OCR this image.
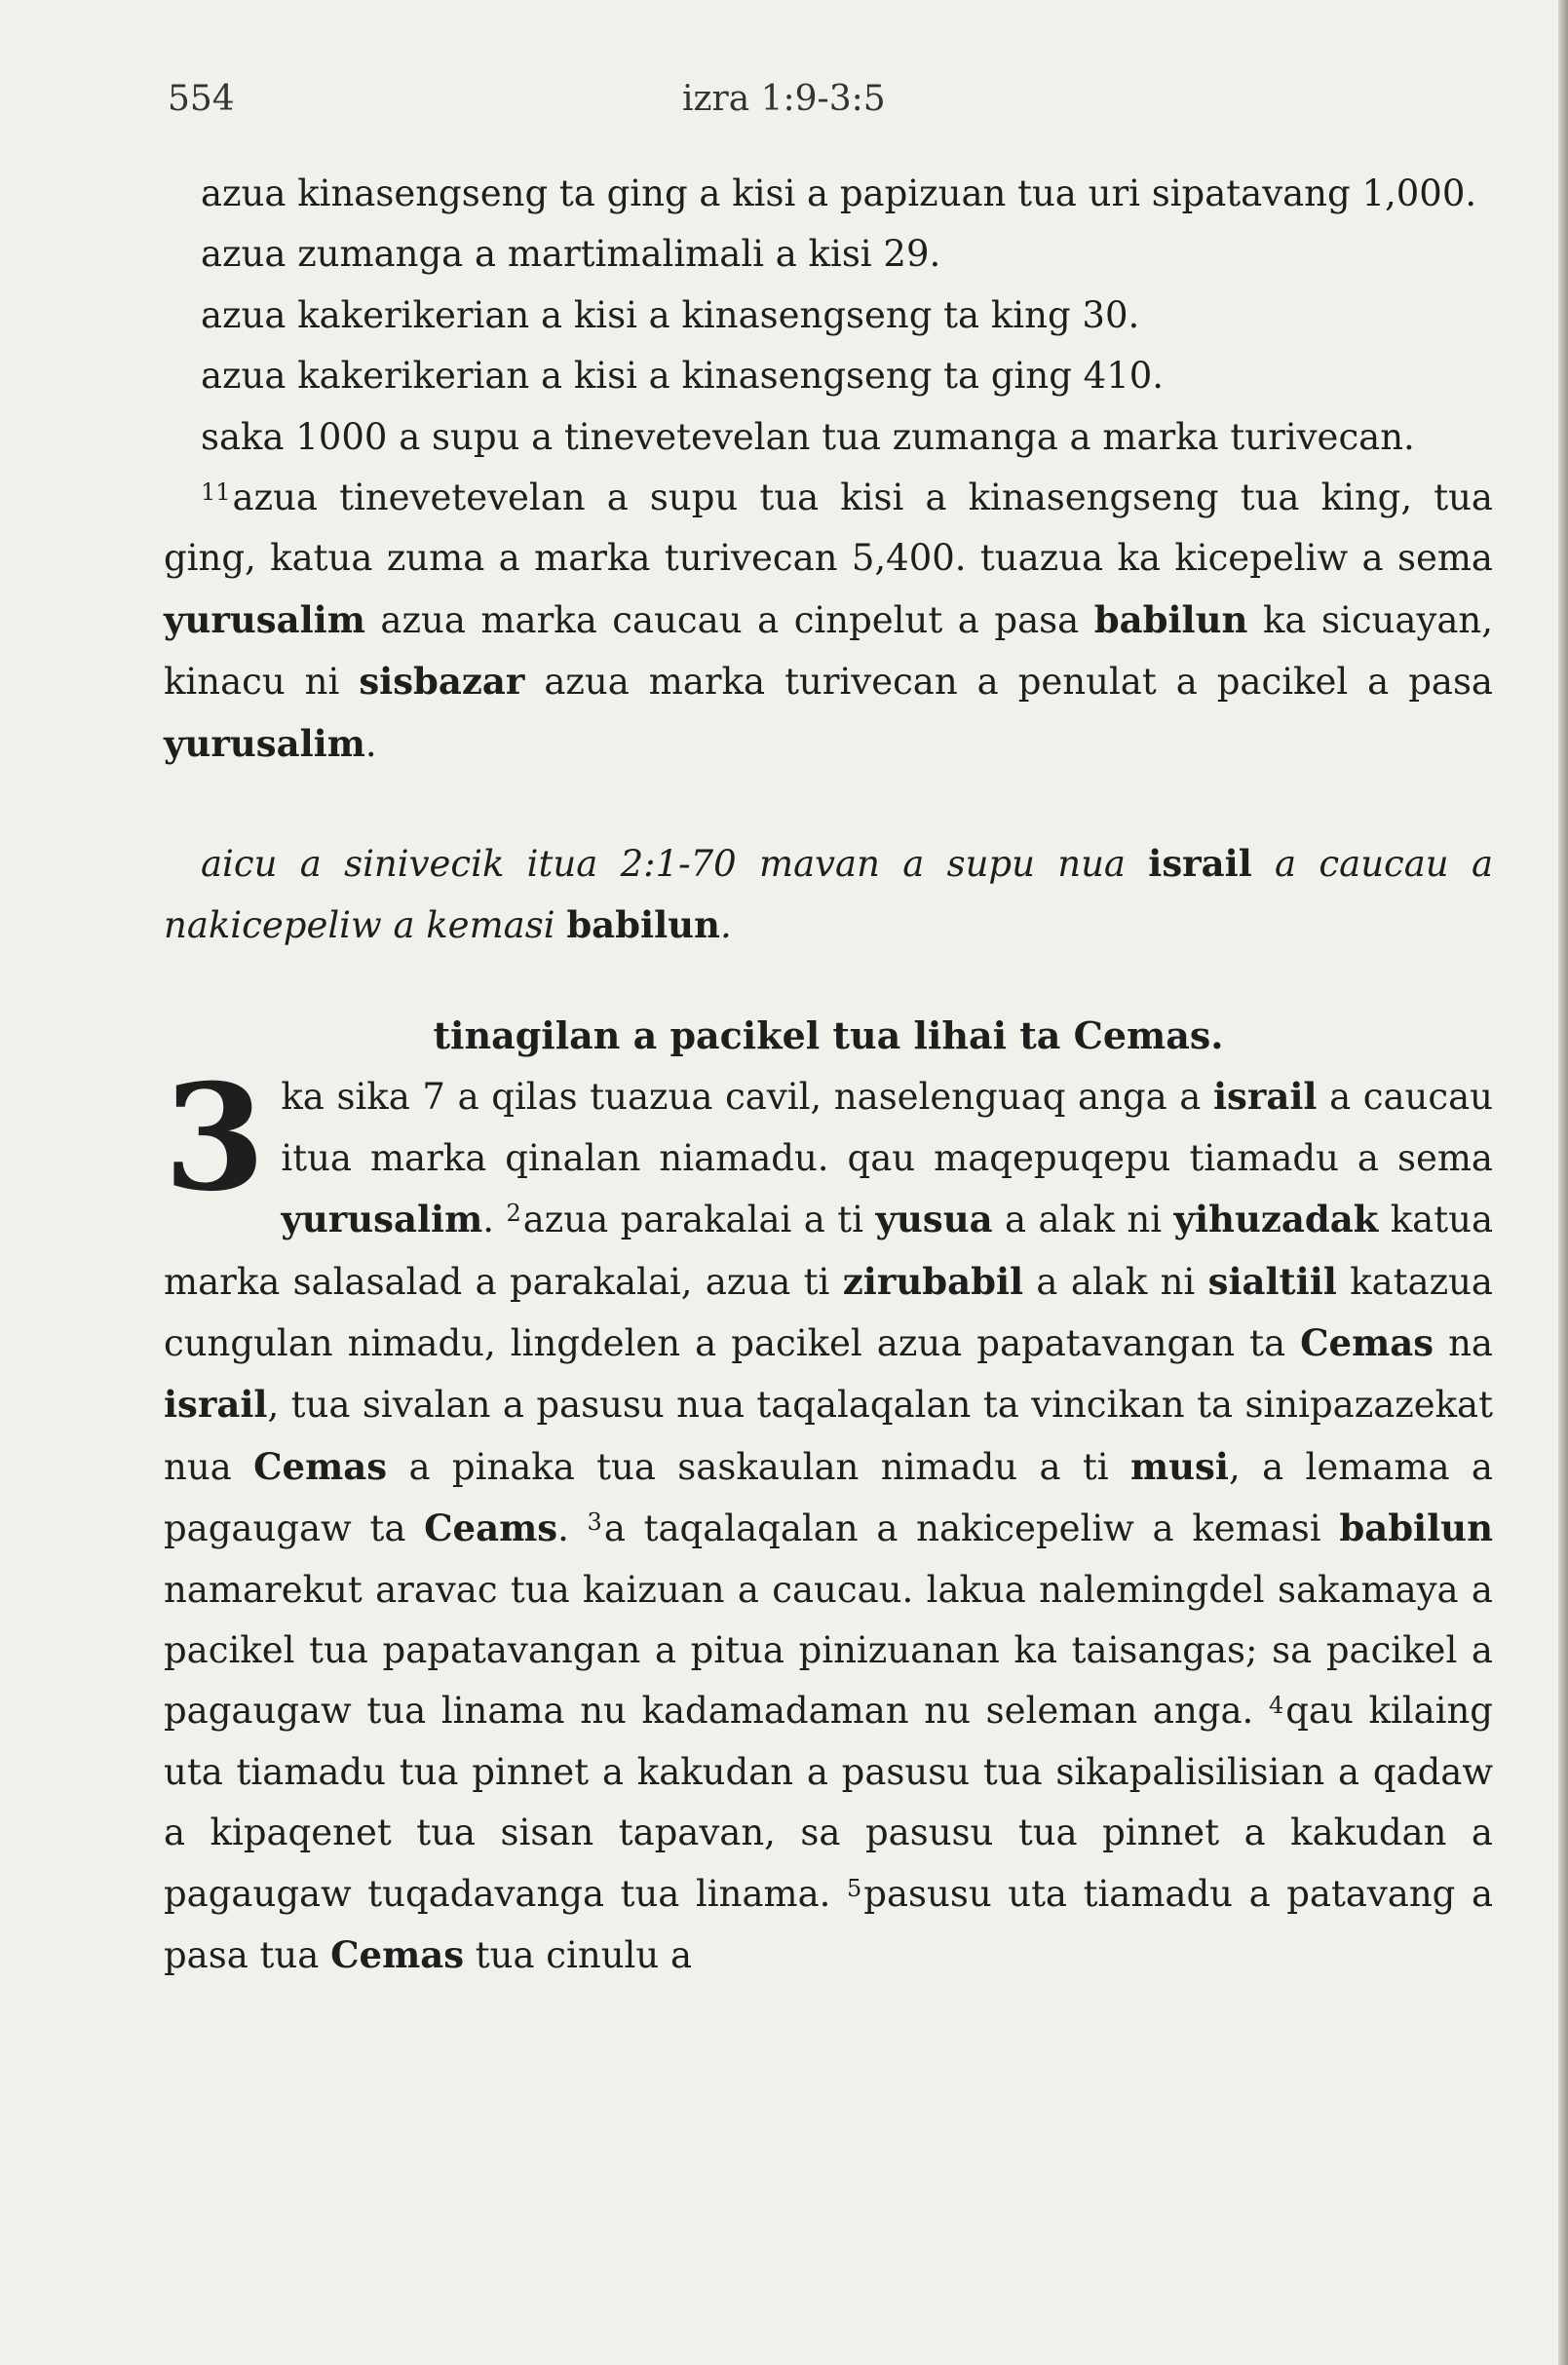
554	izra 1:9-3:5

azua kinasengseng ta ging a kisi a papizuan tua uri sipatavang 1,000.

azua zumanga a martimalimali a kisi 29.

azua kakerikerian a kisi a kinasengseng ta king 30.

azua kakerikerian a kisi a kinasengseng ta ging 410.

saka 1000 a supu a tinevetevelan tua zumanga a marka turivecan.

$^{11}$azua tinevetevelan a supu tua kisi a kinasengseng tua king, tua ging, katua zuma a marka turivecan 5,400. tuazua ka kicepeliw a sema yurusalim azua marka caucau a cinpelut a pasa babilun ka sicuayan, kinacu ni sisbazar azua marka turivecan a penulat a pacikel a pasa yurusalim.

aicu a sinivecik itua 2:1-70 mavan a supu nua israil a caucau a nakicepeliw a kemasi babilun.

tinagilan a pacikel tua lihai ta Cemas.

3 ka sika 7 a qilas tuazua cavil, naselenguaq anga a israil a caucau itua marka qinalan niamadu. qau maqepuqepu tiamadu a sema yurusalim. $^2$azua parakalai a ti yusua a alak ni yihuzadak katua marka salasalad a parakalai, azua ti zirubabil a alak ni sialtiil katazua cungulan nimadu, lingdelen a pacikel azua papatavangan ta Cemas na israil, tua sivalan a pasusu nua taqalaqalan ta vincikan ta sinipazazekat nua Cemas a pinaka tua saskaulan nimadu a ti musi, a lemama a pagaugaw ta Ceams. $^3$a taqalaqalan a nakicepeliw a kemasi babilun namarekut aravac tua kaizuan a caucau. lakua nalemingdel sakamaya a pacikel tua papatavangan a pitua pinizuanan ka taisangas; sa pacikel a pagaugaw tua linama nu kadamadaman nu seleman anga. $^4$qau kilaing uta tiamadu tua pinnet a kakudan a pasusu tua sikapalisilisian a qadaw a kipaqenet tua sisan tapavan, sa pasusu tua pinnet a kakudan a pagaugaw tuqadavanga tua linama. $^5$pasusu uta tiamadu a patavang a pasa tua Cemas tua cinulu a
